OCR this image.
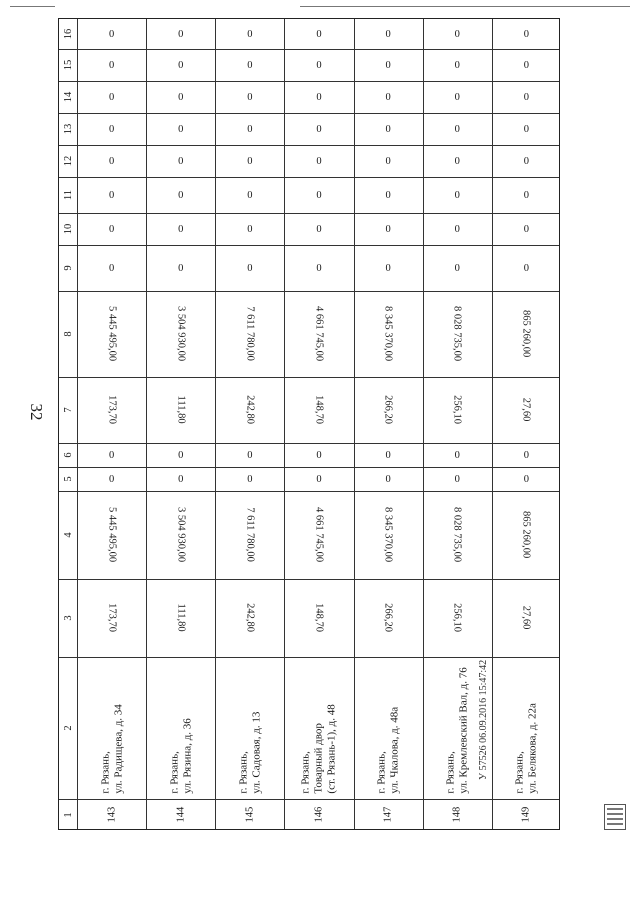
32
16
15
14
13
12
11
10
9
8
7
6
5
4
3
2
1
0
0
0
0
0
0
0
0
5 445 495,00
173,70
0
0
5 445 495,00
173,70
г. Рязань, ул. Радищева, д. 34
143
0
0
0
0
0
0
0
0
3 504 930,00
111,80
0
0
3 504 930,00
111,80
г. Рязань, ул. Рязина, д. 36
144
0
0
0
0
0
0
0
0
7 611 780,00
242,80
0
0
7 611 780,00
242,80
г. Рязань, ул. Садовая, д. 13
145
0
0
0
0
0
0
0
0
4 661 745,00
148,70
0
0
4 661 745,00
148,70
г. Рязань, Товарный двор (ст. Рязань-1), д. 48
146
0
0
0
0
0
0
0
0
8 345 370,00
266,20
0
0
8 345 370,00
266,20
г. Рязань, ул. Чкалова, д. 48а
147
0
0
0
0
0
0
0
0
8 028 735,00
256,10
0
0
8 028 735,00
256,10
г. Рязань, ул. Кремлевский Вал, д. 76
148
0
0
0
0
0
0
0
0
865 260,00
27,60
0
0
865 260,00
27,60
г. Рязань, ул. Белякова, д. 22а
149
У 57526 06.09.2016 15:47:42
